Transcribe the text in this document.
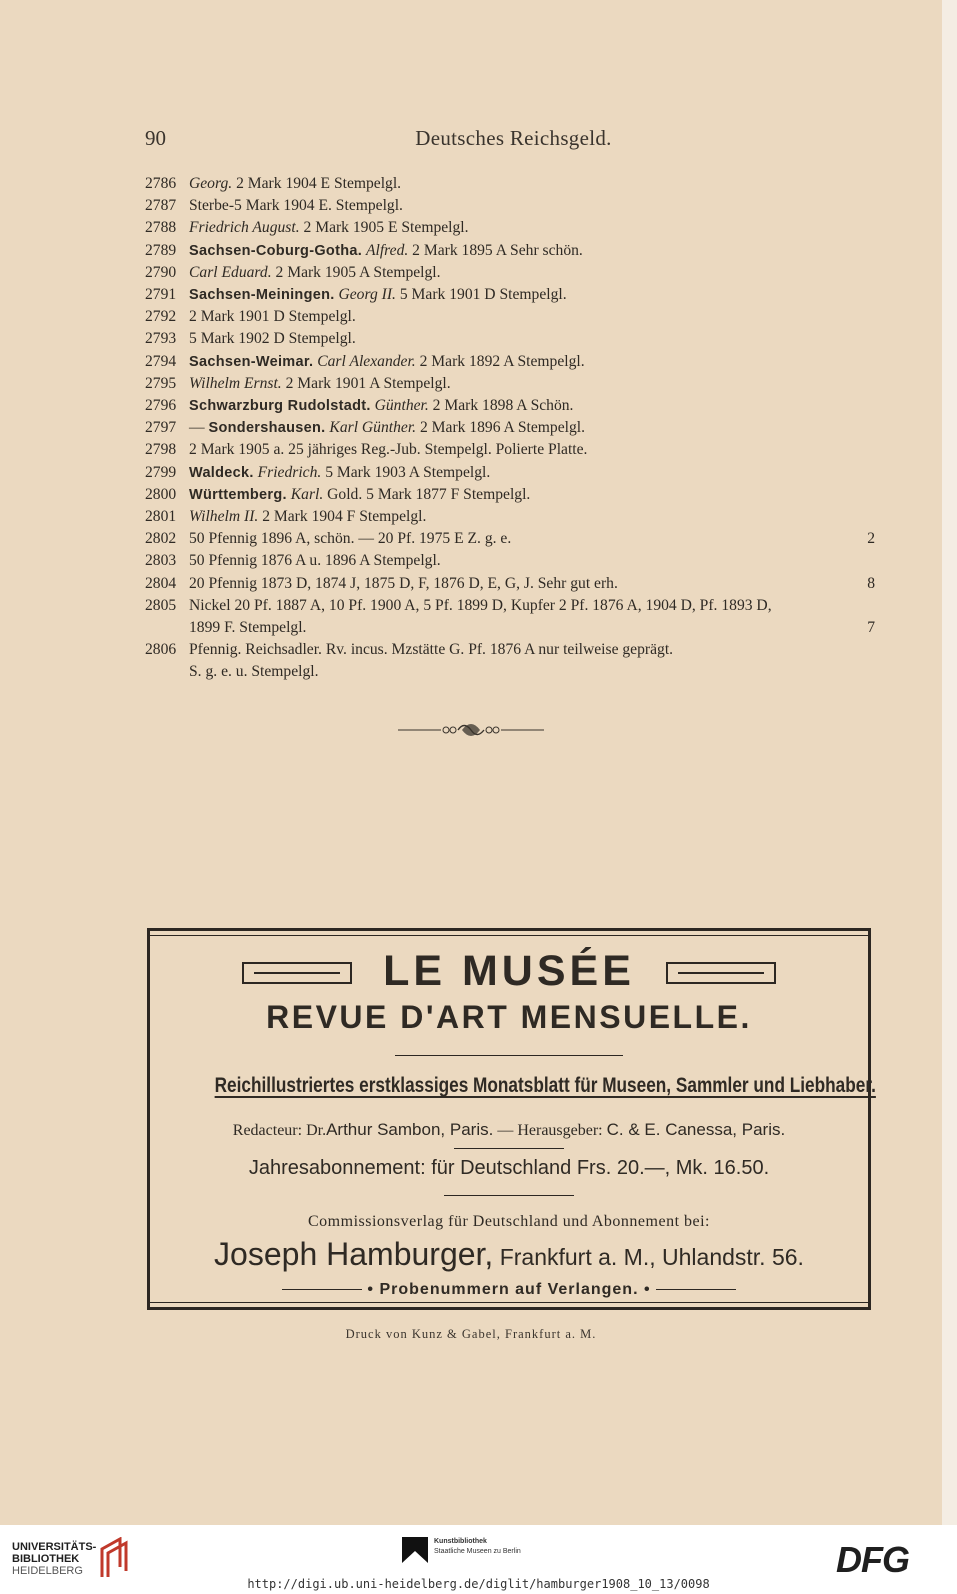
90	Deutsches Reichsgeld.
2786 Georg. 2 Mark 1904 E Stempelgl.
2787 Sterbe-5 Mark 1904 E. Stempelgl.
2788 Friedrich August. 2 Mark 1905 E Stempelgl.
2789 Sachsen-Coburg-Gotha. Alfred. 2 Mark 1895 A Sehr schön.
2790 Carl Eduard. 2 Mark 1905 A Stempelgl.
2791 Sachsen-Meiningen. Georg II. 5 Mark 1901 D Stempelgl.
2792 2 Mark 1901 D Stempelgl.
2793 5 Mark 1902 D Stempelgl.
2794 Sachsen-Weimar. Carl Alexander. 2 Mark 1892 A Stempelgl.
2795 Wilhelm Ernst. 2 Mark 1901 A Stempelgl.
2796 Schwarzburg Rudolstadt. Günther. 2 Mark 1898 A Schön.
2797 — Sondershausen. Karl Günther. 2 Mark 1896 A Stempelgl.
2798 2 Mark 1905 a. 25 jähriges Reg.-Jub. Stempelgl. Polierte Platte.
2799 Waldeck. Friedrich. 5 Mark 1903 A Stempelgl.
2800 Württemberg. Karl. Gold. 5 Mark 1877 F Stempelgl.
2801 Wilhelm II. 2 Mark 1904 F Stempelgl.
2802 50 Pfennig 1896 A, schön. — 20 Pf. 1975 E Z. g. e.	2
2803 50 Pfennig 1876 A u. 1896 A Stempelgl.
2804 20 Pfennig 1873 D, 1874 J, 1875 D, F, 1876 D, E, G, J. Sehr gut erh.	8
2805 Nickel 20 Pf. 1887 A, 10 Pf. 1900 A, 5 Pf. 1899 D, Kupfer 2 Pf. 1876 A, 1904 D, Pf. 1893 D,
1899 F. Stempelgl.	7
2806 Pfennig. Reichsadler. Rv. incus. Mzstätte G. Pf. 1876 A nur teilweise geprägt.
S. g. e. u. Stempelgl.
LE MUSÉE
REVUE D'ART MENSUELLE.
Reichillustriertes erstklassiges Monatsblatt für Museen, Sammler und Liebhaber.
Redacteur: Dr.Arthur Sambon, Paris. — Herausgeber: C. & E. Canessa, Paris.
Jahresabonnement: für Deutschland Frs. 20.—, Mk. 16.50.
Commissionsverlag für Deutschland und Abonnement bei:
Joseph Hamburger, Frankfurt a. M., Uhlandstr. 56.
• Probenummern auf Verlangen. •
Druck von Kunz & Gabel, Frankfurt a. M.
UNIVERSITÄTS-
BIBLIOTHEK
HEIDELBERG
Kunstbibliothek
Staatliche Museen zu Berlin	DFG
http://digi.ub.uni-heidelberg.de/diglit/hamburger1908_10_13/0098
